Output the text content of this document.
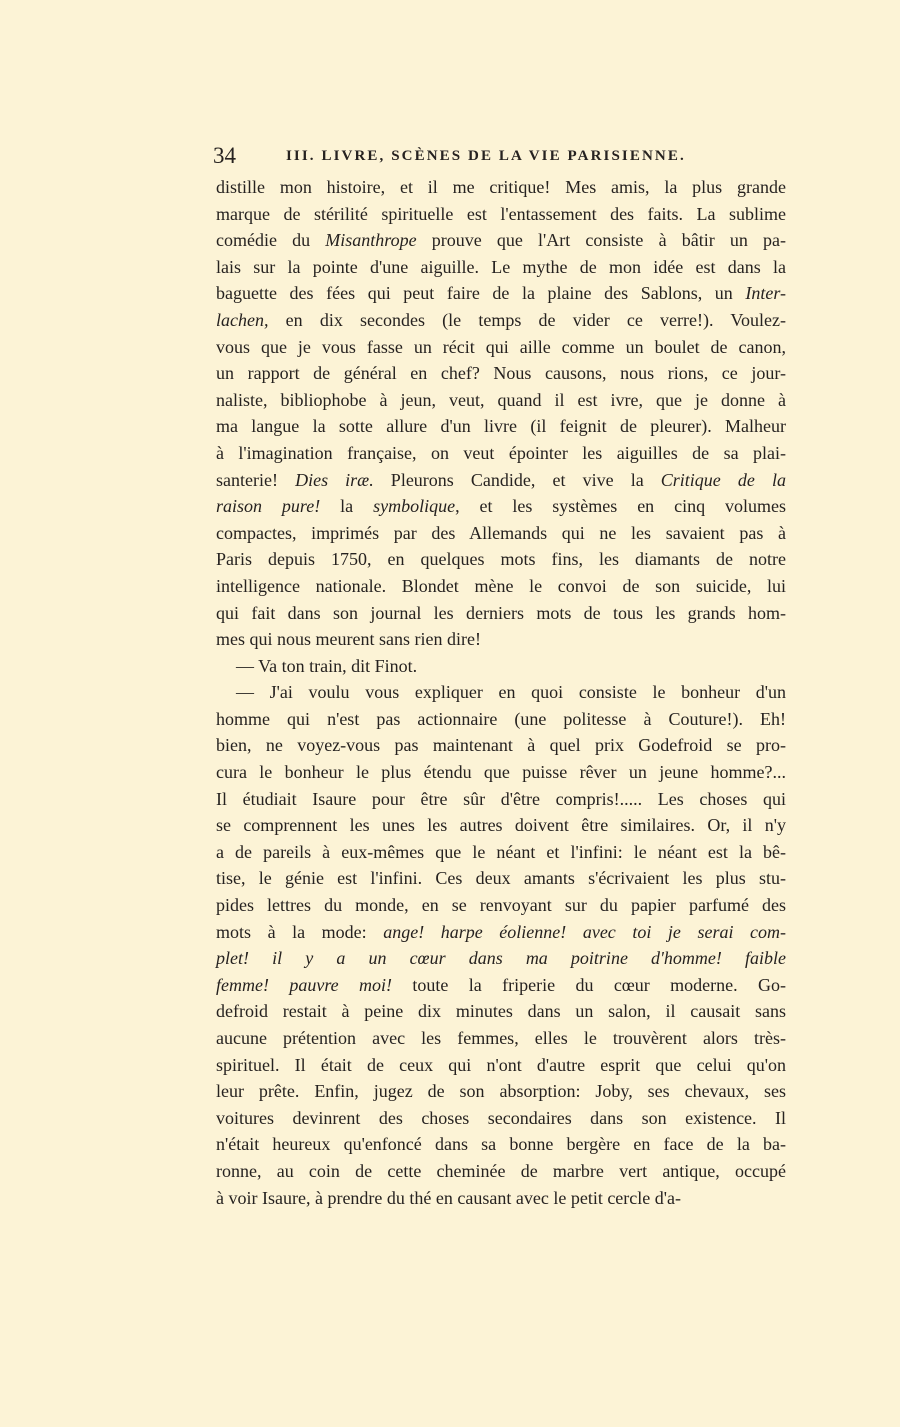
34	III. LIVRE, SCÈNES DE LA VIE PARISIENNE.
distille mon histoire, et il me critique! Mes amis, la plus grande
marque de stérilité spirituelle est l'entassement des faits. La sublime
comédie du Misanthrope prouve que l'Art consiste à bâtir un pa-
lais sur la pointe d'une aiguille. Le mythe de mon idée est dans la
baguette des fées qui peut faire de la plaine des Sablons, un Inter-
lachen, en dix secondes (le temps de vider ce verre!). Voulez-
vous que je vous fasse un récit qui aille comme un boulet de canon,
un rapport de général en chef? Nous causons, nous rions, ce jour-
naliste, bibliophobe à jeun, veut, quand il est ivre, que je donne à
ma langue la sotte allure d'un livre (il feignit de pleurer). Malheur
à l'imagination française, on veut épointer les aiguilles de sa plai-
santerie! Dies iræ. Pleurons Candide, et vive la Critique de la
raison pure! la symbolique, et les systèmes en cinq volumes
compactes, imprimés par des Allemands qui ne les savaient pas à
Paris depuis 1750, en quelques mots fins, les diamants de notre
intelligence nationale. Blondet mène le convoi de son suicide, lui
qui fait dans son journal les derniers mots de tous les grands hom-
mes qui nous meurent sans rien dire!
— Va ton train, dit Finot.
— J'ai voulu vous expliquer en quoi consiste le bonheur d'un
homme qui n'est pas actionnaire (une politesse à Couture!). Eh!
bien, ne voyez-vous pas maintenant à quel prix Godefroid se pro-
cura le bonheur le plus étendu que puisse rêver un jeune homme?...
Il étudiait Isaure pour être sûr d'être compris!..... Les choses qui
se comprennent les unes les autres doivent être similaires. Or, il n'y
a de pareils à eux-mêmes que le néant et l'infini: le néant est la bê-
tise, le génie est l'infini. Ces deux amants s'écrivaient les plus stu-
pides lettres du monde, en se renvoyant sur du papier parfumé des
mots à la mode: ange! harpe éolienne! avec toi je serai com-
plet! il y a un cœur dans ma poitrine d'homme! faible
femme! pauvre moi! toute la friperie du cœur moderne. Go-
defroid restait à peine dix minutes dans un salon, il causait sans
aucune prétention avec les femmes, elles le trouvèrent alors très-
spirituel. Il était de ceux qui n'ont d'autre esprit que celui qu'on
leur prête. Enfin, jugez de son absorption: Joby, ses chevaux, ses
voitures devinrent des choses secondaires dans son existence. Il
n'était heureux qu'enfoncé dans sa bonne bergère en face de la ba-
ronne, au coin de cette cheminée de marbre vert antique, occupé
à voir Isaure, à prendre du thé en causant avec le petit cercle d'a-
